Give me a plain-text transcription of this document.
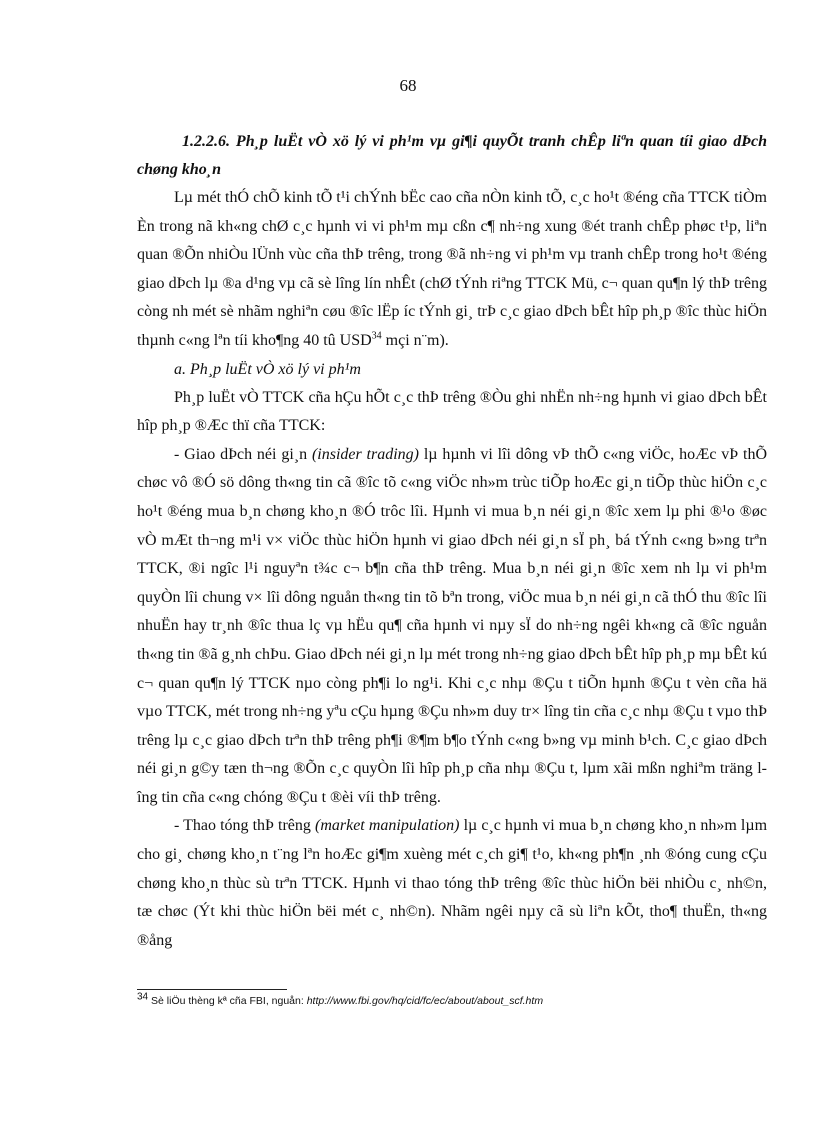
68

1.2.2.6. Ph¸p luËt vÒ xö lý vi ph¹m vµ gi¶i quyÕt tranh chÊp liªn quan tíi giao dÞch chøng kho¸n

Lµ mét thÓ chÕ kinh tÕ t¹i chÝnh bËc cao cña nÒn kinh tÕ, c¸c ho¹t ®éng cña TTCK tiÒm Èn trong nã kh«ng chØ c¸c hµnh vi vi ph¹m mµ cßn c¶ nh÷ng xung ®ét tranh chÊp phøc t¹p, liªn quan ®Õn nhiÒu lÜnh vùc cña thÞ trêng, trong ®ã nh÷ng vi ph¹m vµ tranh chÊp trong ho¹t ®éng giao dÞch lµ ®a d¹ng vµ cã sè lîng lín nhÊt (chØ tÝnh riªng TTCK Mü, c¬ quan qu¶n lý thÞ trêng còng nh mét sè nhãm nghiªn cøu ®îc lËp íc tÝnh gi¸ trÞ c¸c giao dÞch bÊt hîp ph¸p ®îc thùc hiÖn thµnh c«ng lªn tíi kho¶ng 40 tû USD$^{34}$ mçi n¨m).

a. Ph¸p luËt vÒ xö lý vi ph¹m

Ph¸p luËt vÒ TTCK cña hÇu hÕt c¸c thÞ trêng ®Òu ghi nhËn nh÷ng hµnh vi giao dÞch bÊt hîp ph¸p ®Æc thï cña TTCK:

- Giao dÞch néi gi¸n (insider trading) lµ hµnh vi lîi dông vÞ thÕ c«ng viÖc, hoÆc vÞ thÕ chøc vô ®Ó sö dông th«ng tin cã ®îc tõ c«ng viÖc nh»m trùc tiÕp hoÆc gi¸n tiÕp thùc hiÖn c¸c ho¹t ®éng mua b¸n chøng kho¸n ®Ó trôc lîi. Hµnh vi mua b¸n néi gi¸n ®îc xem lµ phi ®¹o ®øc vÒ mÆt th¬ng m¹i v× viÖc thùc hiÖn hµnh vi giao dÞch néi gi¸n sÏ ph¸ bá tÝnh c«ng b»ng trªn TTCK, ®i ngîc l¹i nguyªn t¾c c¬ b¶n cña thÞ trêng. Mua b¸n néi gi¸n ®îc xem nh lµ vi ph¹m quyÒn lîi chung v× lîi dông nguån th«ng tin tõ bªn trong, viÖc mua b¸n néi gi¸n cã thÓ thu ®îc lîi nhuËn hay tr¸nh ®îc thua lç vµ hËu qu¶ cña hµnh vi nµy sÏ do nh÷ng ngêi kh«ng cã ®îc nguån th«ng tin ®ã g¸nh chÞu. Giao dÞch néi gi¸n lµ mét trong nh÷ng giao dÞch bÊt hîp ph¸p mµ bÊt kú c¬ quan qu¶n lý TTCK nµo còng ph¶i lo ng¹i. Khi c¸c nhµ ®Çu t tiÕn hµnh ®Çu t vèn cña hä vµo TTCK, mét trong nh÷ng yªu cÇu hµng ®Çu nh»m duy tr× lîng tin cña c¸c nhµ ®Çu t vµo thÞ trêng lµ c¸c giao dÞch trªn thÞ trêng ph¶i ®¶m b¶o tÝnh c«ng b»ng vµ minh b¹ch. C¸c giao dÞch néi gi¸n g©y tæn th¬ng ®Õn c¸c quyÒn lîi hîp ph¸p cña nhµ ®Çu t, lµm xãi mßn nghiªm träng lîng tin cña c«ng chóng ®Çu t ®èi víi thÞ trêng.

- Thao tóng thÞ trêng (market manipulation) lµ c¸c hµnh vi mua b¸n chøng kho¸n nh»m lµm cho gi¸ chøng kho¸n t¨ng lªn hoÆc gi¶m xuèng mét c¸ch gi¶ t¹o, kh«ng ph¶n ¸nh ®óng cung cÇu chøng kho¸n thùc sù trªn TTCK. Hµnh vi thao tóng thÞ trêng ®îc thùc hiÖn bëi nhiÒu c¸ nh©n, tæ chøc (Ýt khi thùc hiÖn bëi mét c¸ nh©n). Nhãm ngêi nµy cã sù liªn kÕt, tho¶ thuËn, th«ng ®ång

$^{34}$ Sè liÖu thèng kª cña FBI, nguån: http://www.fbi.gov/hq/cid/fc/ec/about/about_scf.htm
